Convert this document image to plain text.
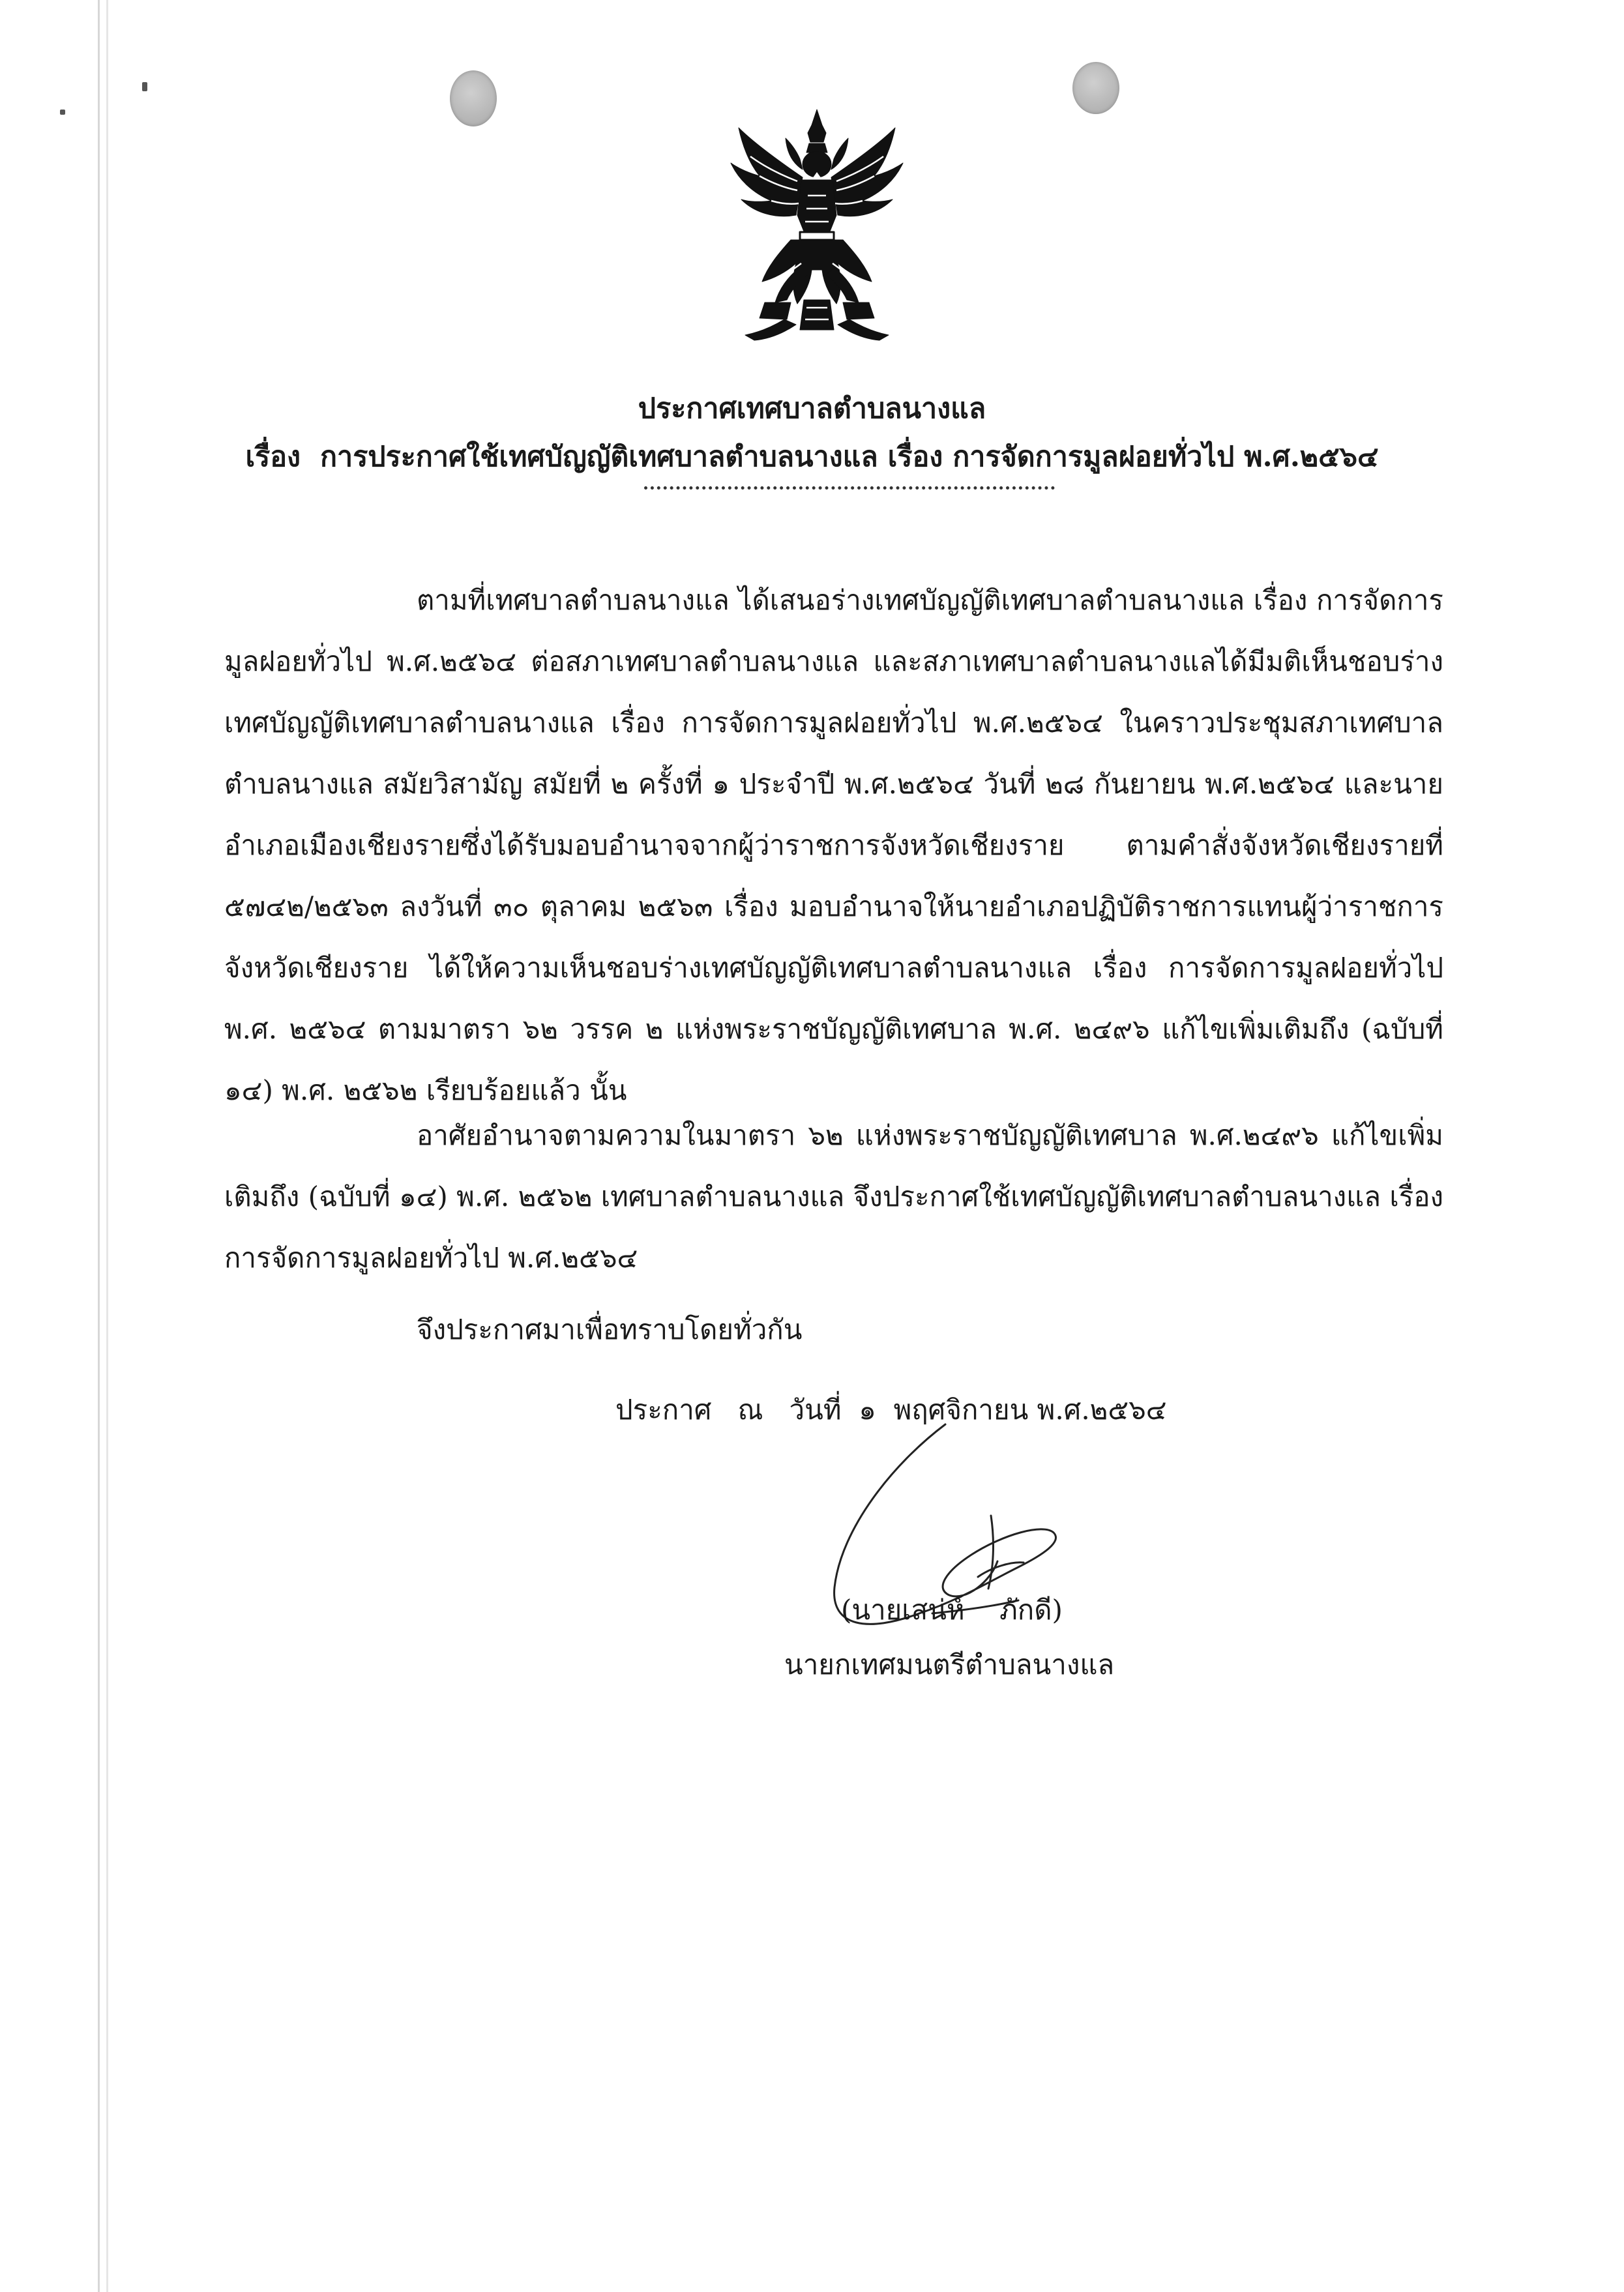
ประกาศเทศบาลตำบลนางแล
เรื่อง การประกาศใช้เทศบัญญัติเทศบาลตำบลนางแล เรื่อง การจัดการมูลฝอยทั่วไป พ.ศ.๒๕๖๔

ตามที่เทศบาลตำบลนางแล ได้เสนอร่างเทศบัญญัติเทศบาลตำบลนางแล เรื่อง การจัดการมูลฝอยทั่วไป พ.ศ.๒๕๖๔ ต่อสภาเทศบาลตำบลนางแล และสภาเทศบาลตำบลนางแลได้มีมติเห็นชอบร่างเทศบัญญัติเทศบาลตำบลนางแล เรื่อง การจัดการมูลฝอยทั่วไป พ.ศ.๒๕๖๔ ในคราวประชุมสภาเทศบาลตำบลนางแล สมัยวิสามัญ สมัยที่ ๒ ครั้งที่ ๑ ประจำปี พ.ศ.๒๕๖๔ วันที่ ๒๘ กันยายน พ.ศ.๒๕๖๔ และนายอำเภอเมืองเชียงรายซึ่งได้รับมอบอำนาจจากผู้ว่าราชการจังหวัดเชียงราย ตามคำสั่งจังหวัดเชียงรายที่ ๕๗๔๒/๒๕๖๓ ลงวันที่ ๓๐ ตุลาคม ๒๕๖๓ เรื่อง มอบอำนาจให้นายอำเภอปฏิบัติราชการแทนผู้ว่าราชการจังหวัดเชียงราย ได้ให้ความเห็นชอบร่างเทศบัญญัติเทศบาลตำบลนางแล เรื่อง การจัดการมูลฝอยทั่วไป พ.ศ. ๒๕๖๔ ตามมาตรา ๖๒ วรรค ๒ แห่งพระราชบัญญัติเทศบาล พ.ศ. ๒๔๙๖ แก้ไขเพิ่มเติมถึง (ฉบับที่ ๑๔) พ.ศ. ๒๕๖๒ เรียบร้อยแล้ว นั้น

อาศัยอำนาจตามความในมาตรา ๖๒ แห่งพระราชบัญญัติเทศบาล พ.ศ.๒๔๙๖ แก้ไขเพิ่มเติมถึง (ฉบับที่ ๑๔) พ.ศ. ๒๕๖๒ เทศบาลตำบลนางแล จึงประกาศใช้เทศบัญญัติเทศบาลตำบลนางแล เรื่อง การจัดการมูลฝอยทั่วไป พ.ศ.๒๕๖๔

จึงประกาศมาเพื่อทราบโดยทั่วกัน

ประกาศ   ณ   วันที่  ๑  พฤศจิกายน พ.ศ.๒๕๖๔

(นายเสน่ห์    ภักดี)

นายกเทศมนตรีตำบลนางแล
